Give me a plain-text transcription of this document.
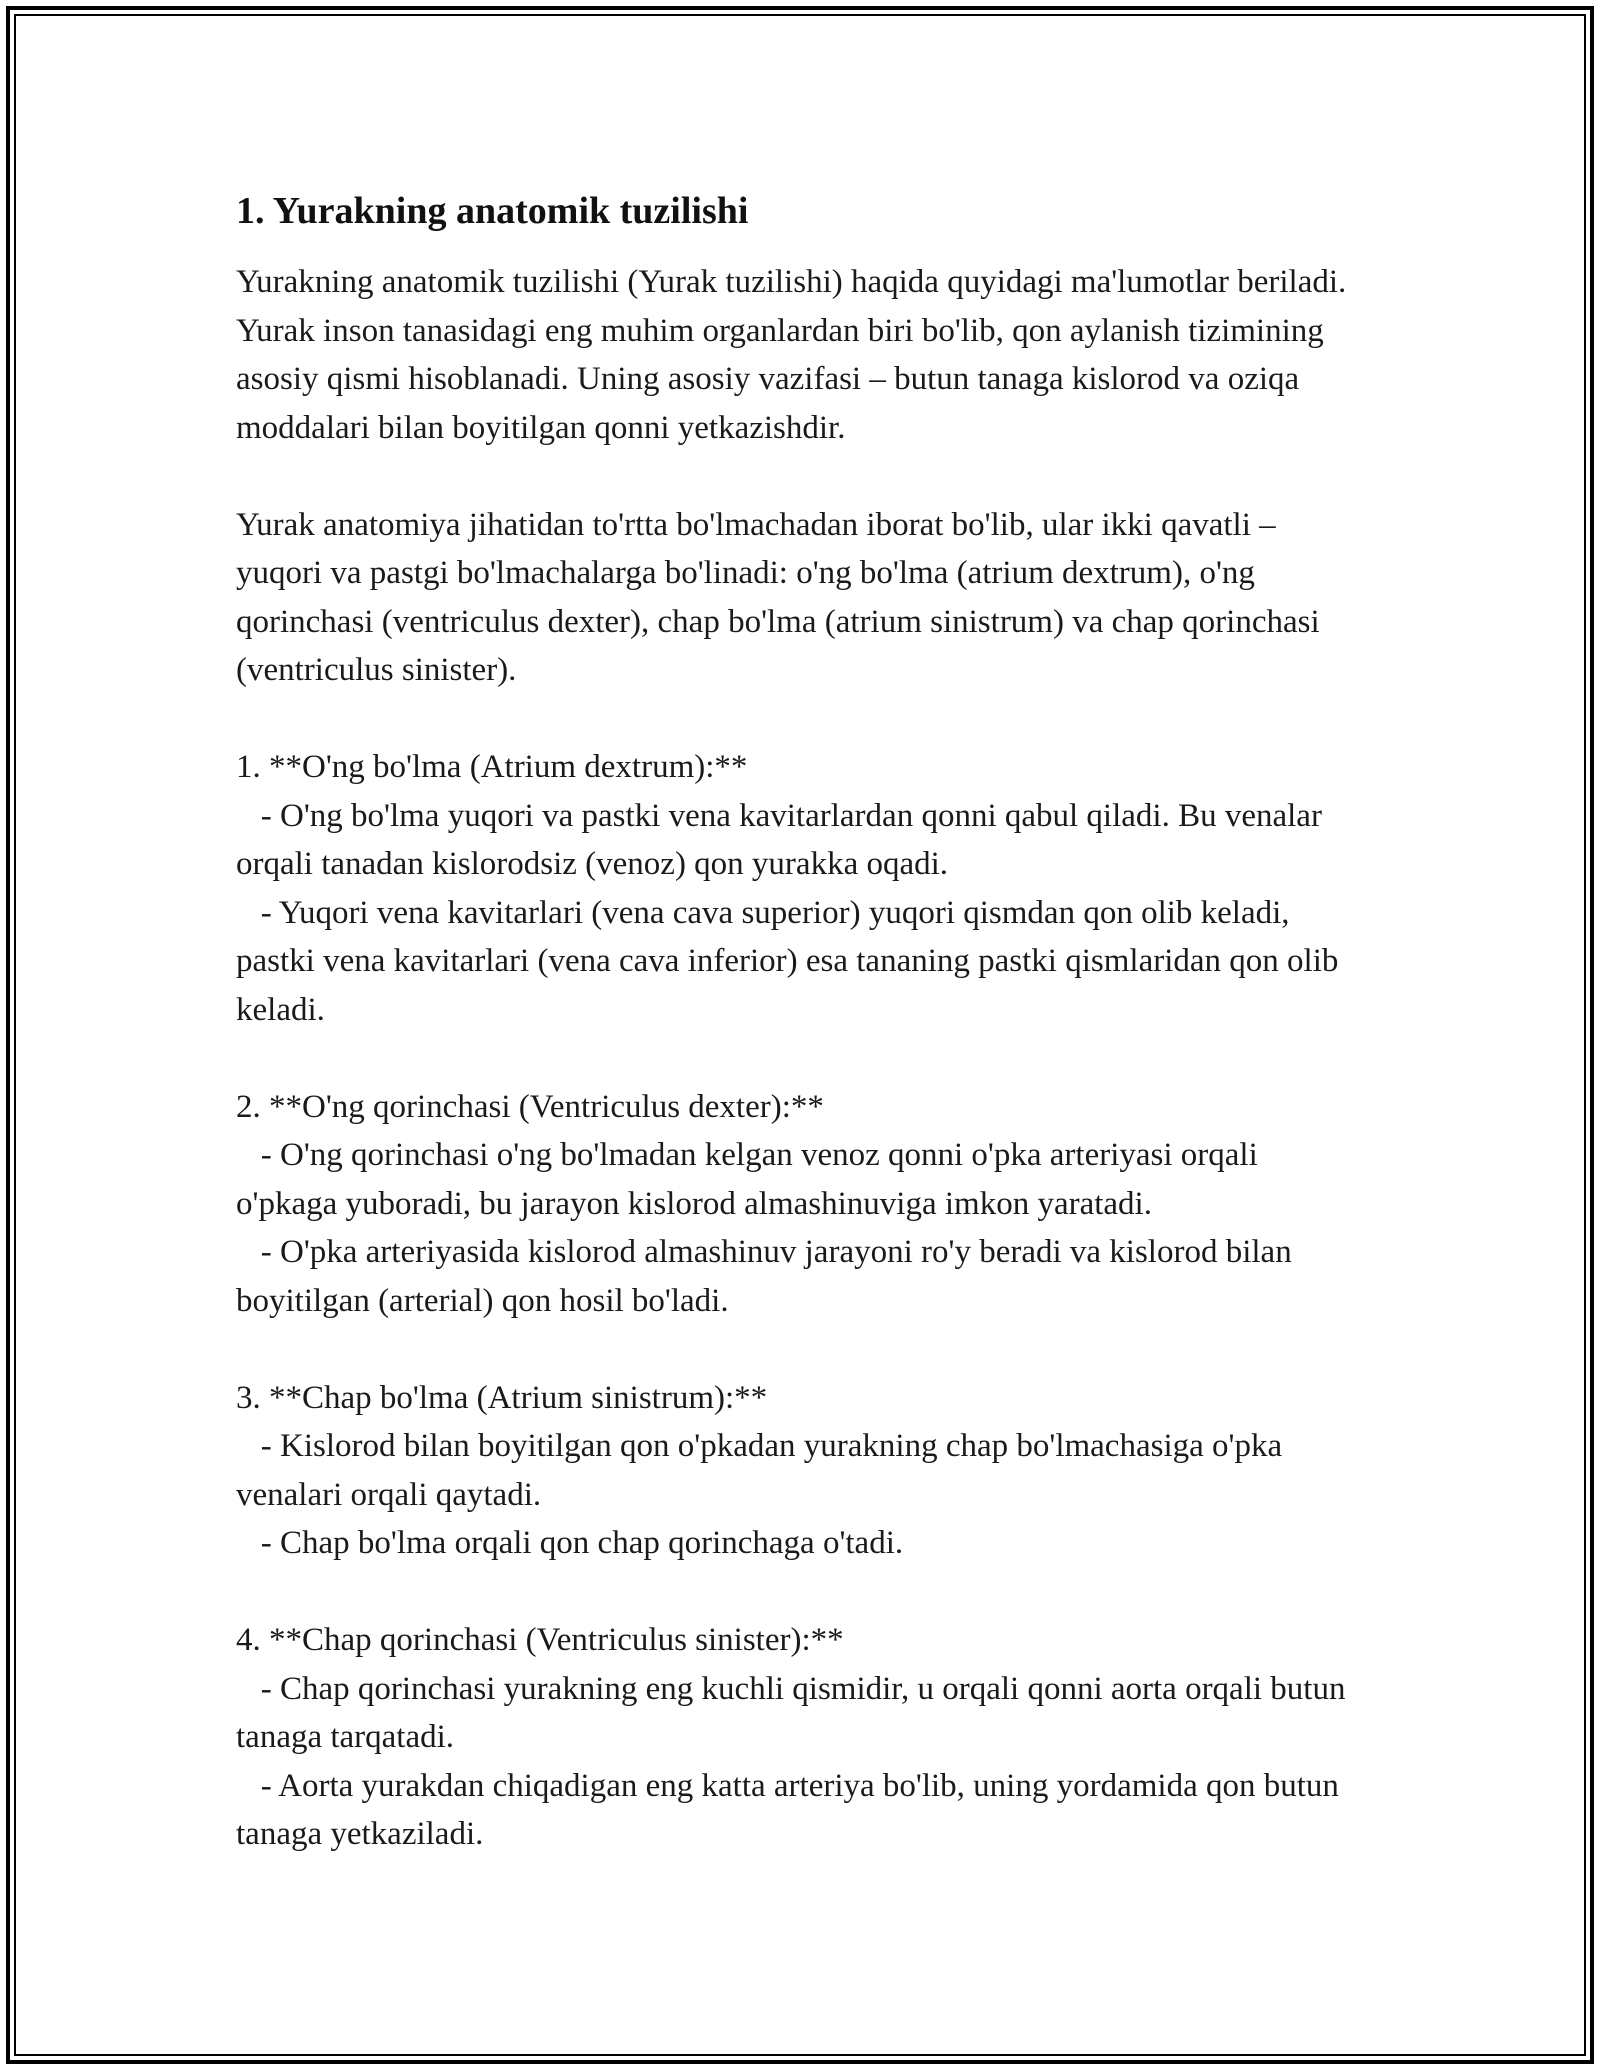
1. Yurakning anatomik tuzilishi

Yurakning anatomik tuzilishi (Yurak tuzilishi) haqida quyidagi ma'lumotlar beriladi. Yurak inson tanasidagi eng muhim organlardan biri bo'lib, qon aylanish tizimining asosiy qismi hisoblanadi. Uning asosiy vazifasi – butun tanaga kislorod va oziqa moddalari bilan boyitilgan qonni yetkazishdir.

Yurak anatomiya jihatidan to'rtta bo'lmachadan iborat bo'lib, ular ikki qavatli – yuqori va pastgi bo'lmachalarga bo'linadi: o'ng bo'lma (atrium dextrum), o'ng qorinchasi (ventriculus dexter), chap bo'lma (atrium sinistrum) va chap qorinchasi (ventriculus sinister).

1. **O'ng bo'lma (Atrium dextrum):**

- O'ng bo'lma yuqori va pastki vena kavitarlardan qonni qabul qiladi. Bu venalar orqali tanadan kislorodsiz (venoz) qon yurakka oqadi.

- Yuqori vena kavitarlari (vena cava superior) yuqori qismdan qon olib keladi, pastki vena kavitarlari (vena cava inferior) esa tananing pastki qismlaridan qon olib keladi.

2. **O'ng qorinchasi (Ventriculus dexter):**

- O'ng qorinchasi o'ng bo'lmadan kelgan venoz qonni o'pka arteriyasi orqali o'pkaga yuboradi, bu jarayon kislorod almashinuviga imkon yaratadi.

- O'pka arteriyasida kislorod almashinuv jarayoni ro'y beradi va kislorod bilan boyitilgan (arterial) qon hosil bo'ladi.

3. **Chap bo'lma (Atrium sinistrum):**

- Kislorod bilan boyitilgan qon o'pkadan yurakning chap bo'lmachasiga o'pka venalari orqali qaytadi.

- Chap bo'lma orqali qon chap qorinchaga o'tadi.

4. **Chap qorinchasi (Ventriculus sinister):**

- Chap qorinchasi yurakning eng kuchli qismidir, u orqali qonni aorta orqali butun tanaga tarqatadi.

- Aorta yurakdan chiqadigan eng katta arteriya bo'lib, uning yordamida qon butun tanaga yetkaziladi.
